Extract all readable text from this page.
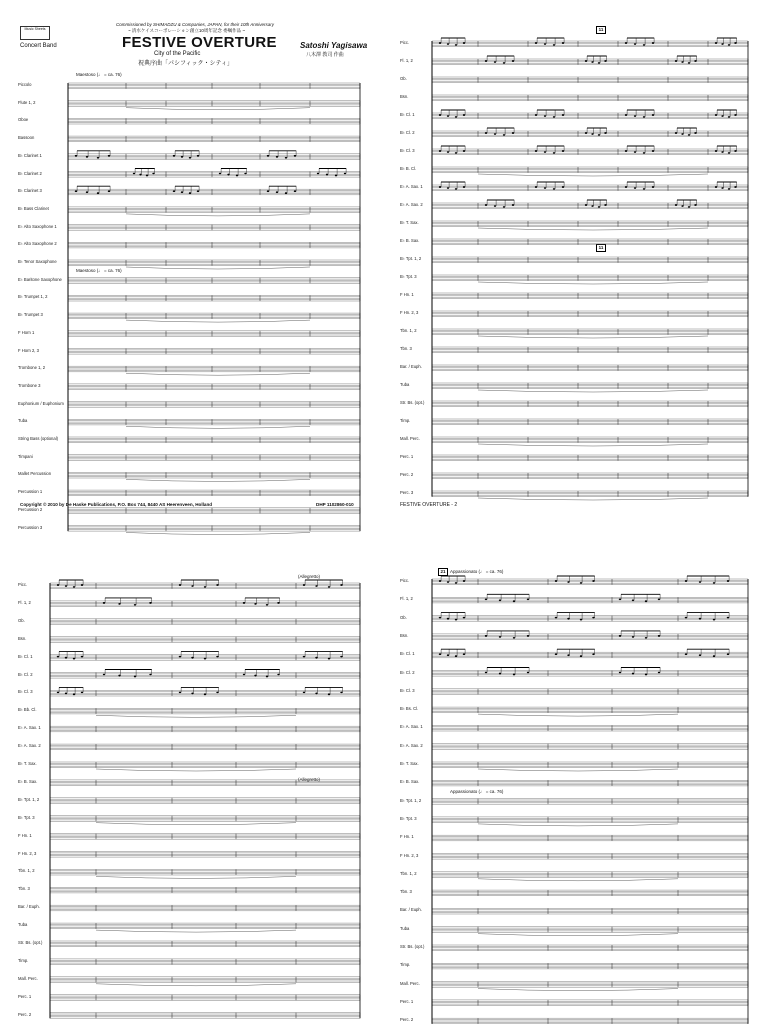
Music Sheets
Concert Band
Commissioned by SHIMADZU & Companies, JAPAN, for their 10th Anniversary
~ 清水ケイスコーポレーション創立10周年記念 委嘱作品 ~
FESTIVE OVERTURE
City of the Pacific
祝典序曲「パシフィック・シティ」
Satoshi Yagisawa
八木澤 教司 作曲
Maestoso (♩ = ca. 76)
Maestoso (♩ = ca. 76)
Piccolo
Flute 1, 2
Oboe
Bassoon
B♭ Clarinet 1
B♭ Clarinet 2
B♭ Clarinet 3
B♭ Bass Clarinet
E♭ Alto Saxophone 1
E♭ Alto Saxophone 2
B♭ Tenor Saxophone
E♭ Baritone Saxophone
B♭ Trumpet 1, 2
B♭ Trumpet 3
F Horn 1
F Horn 2, 3
Trombone 1, 2
Trombone 3
Euphonium / Euphonium
Tuba
String Bass (optional)
Timpani
Mallet Percussion
Percussion 1
Percussion 2
Percussion 3
Copyright © 2010 by De Haske Publications, P.O. Box 744, 8440 AS Heerenveen, Holland	DHP 1102860-010
11
11
Picc.
Fl. 1, 2
Ob.
Bsn.
B♭ Cl. 1
B♭ Cl. 2
B♭ Cl. 3
B♭ B. Cl.
E♭ A. Sax. 1
E♭ A. Sax. 2
B♭ T. Sax.
E♭ B. Sax.
B♭ Tpt. 1, 2
B♭ Tpt. 3
F Hn. 1
F Hn. 2, 3
Tbn. 1, 2
Tbn. 3
Bar. / Euph.
Tuba
Str. Bs. (opt.)
Timp.
Mall. Perc.
Perc. 1
Perc. 2
Perc. 3
FESTIVE OVERTURE - 2
(Allegretto)
(Allegretto)
Picc.
Fl. 1, 2
Ob.
Bsn.
B♭ Cl. 1
B♭ Cl. 2
B♭ Cl. 3
B♭ Bb. Cl.
E♭ A. Sax. 1
E♭ A. Sax. 2
B♭ T. Sax.
E♭ B. Sax.
B♭ Tpt. 1, 2
B♭ Tpt. 3
F Hn. 1
F Hn. 2, 3
Tbn. 1, 2
Tbn. 3
Bar. / Euph.
Tuba
Str. Bs. (opt.)
Timp.
Mall. Perc.
Perc. 1
Perc. 2
21	Appassionato (♩ = ca. 76)
Appassionato (♩ = ca. 76)
Picc.
Fl. 1, 2
Ob.
Bsn.
B♭ Cl. 1
B♭ Cl. 2
B♭ Cl. 3
B♭ Bs. Cl.
E♭ A. Sax. 1
E♭ A. Sax. 2
B♭ T. Sax.
E♭ B. Sax.
B♭ Tpt. 1, 2
B♭ Tpt. 3
F Hn. 1
F Hn. 2, 3
Tbn. 1, 2
Tbn. 3
Bar. / Euph.
Tuba
Str. Bs. (opt.)
Timp.
Mall. Perc.
Perc. 1
Perc. 2
